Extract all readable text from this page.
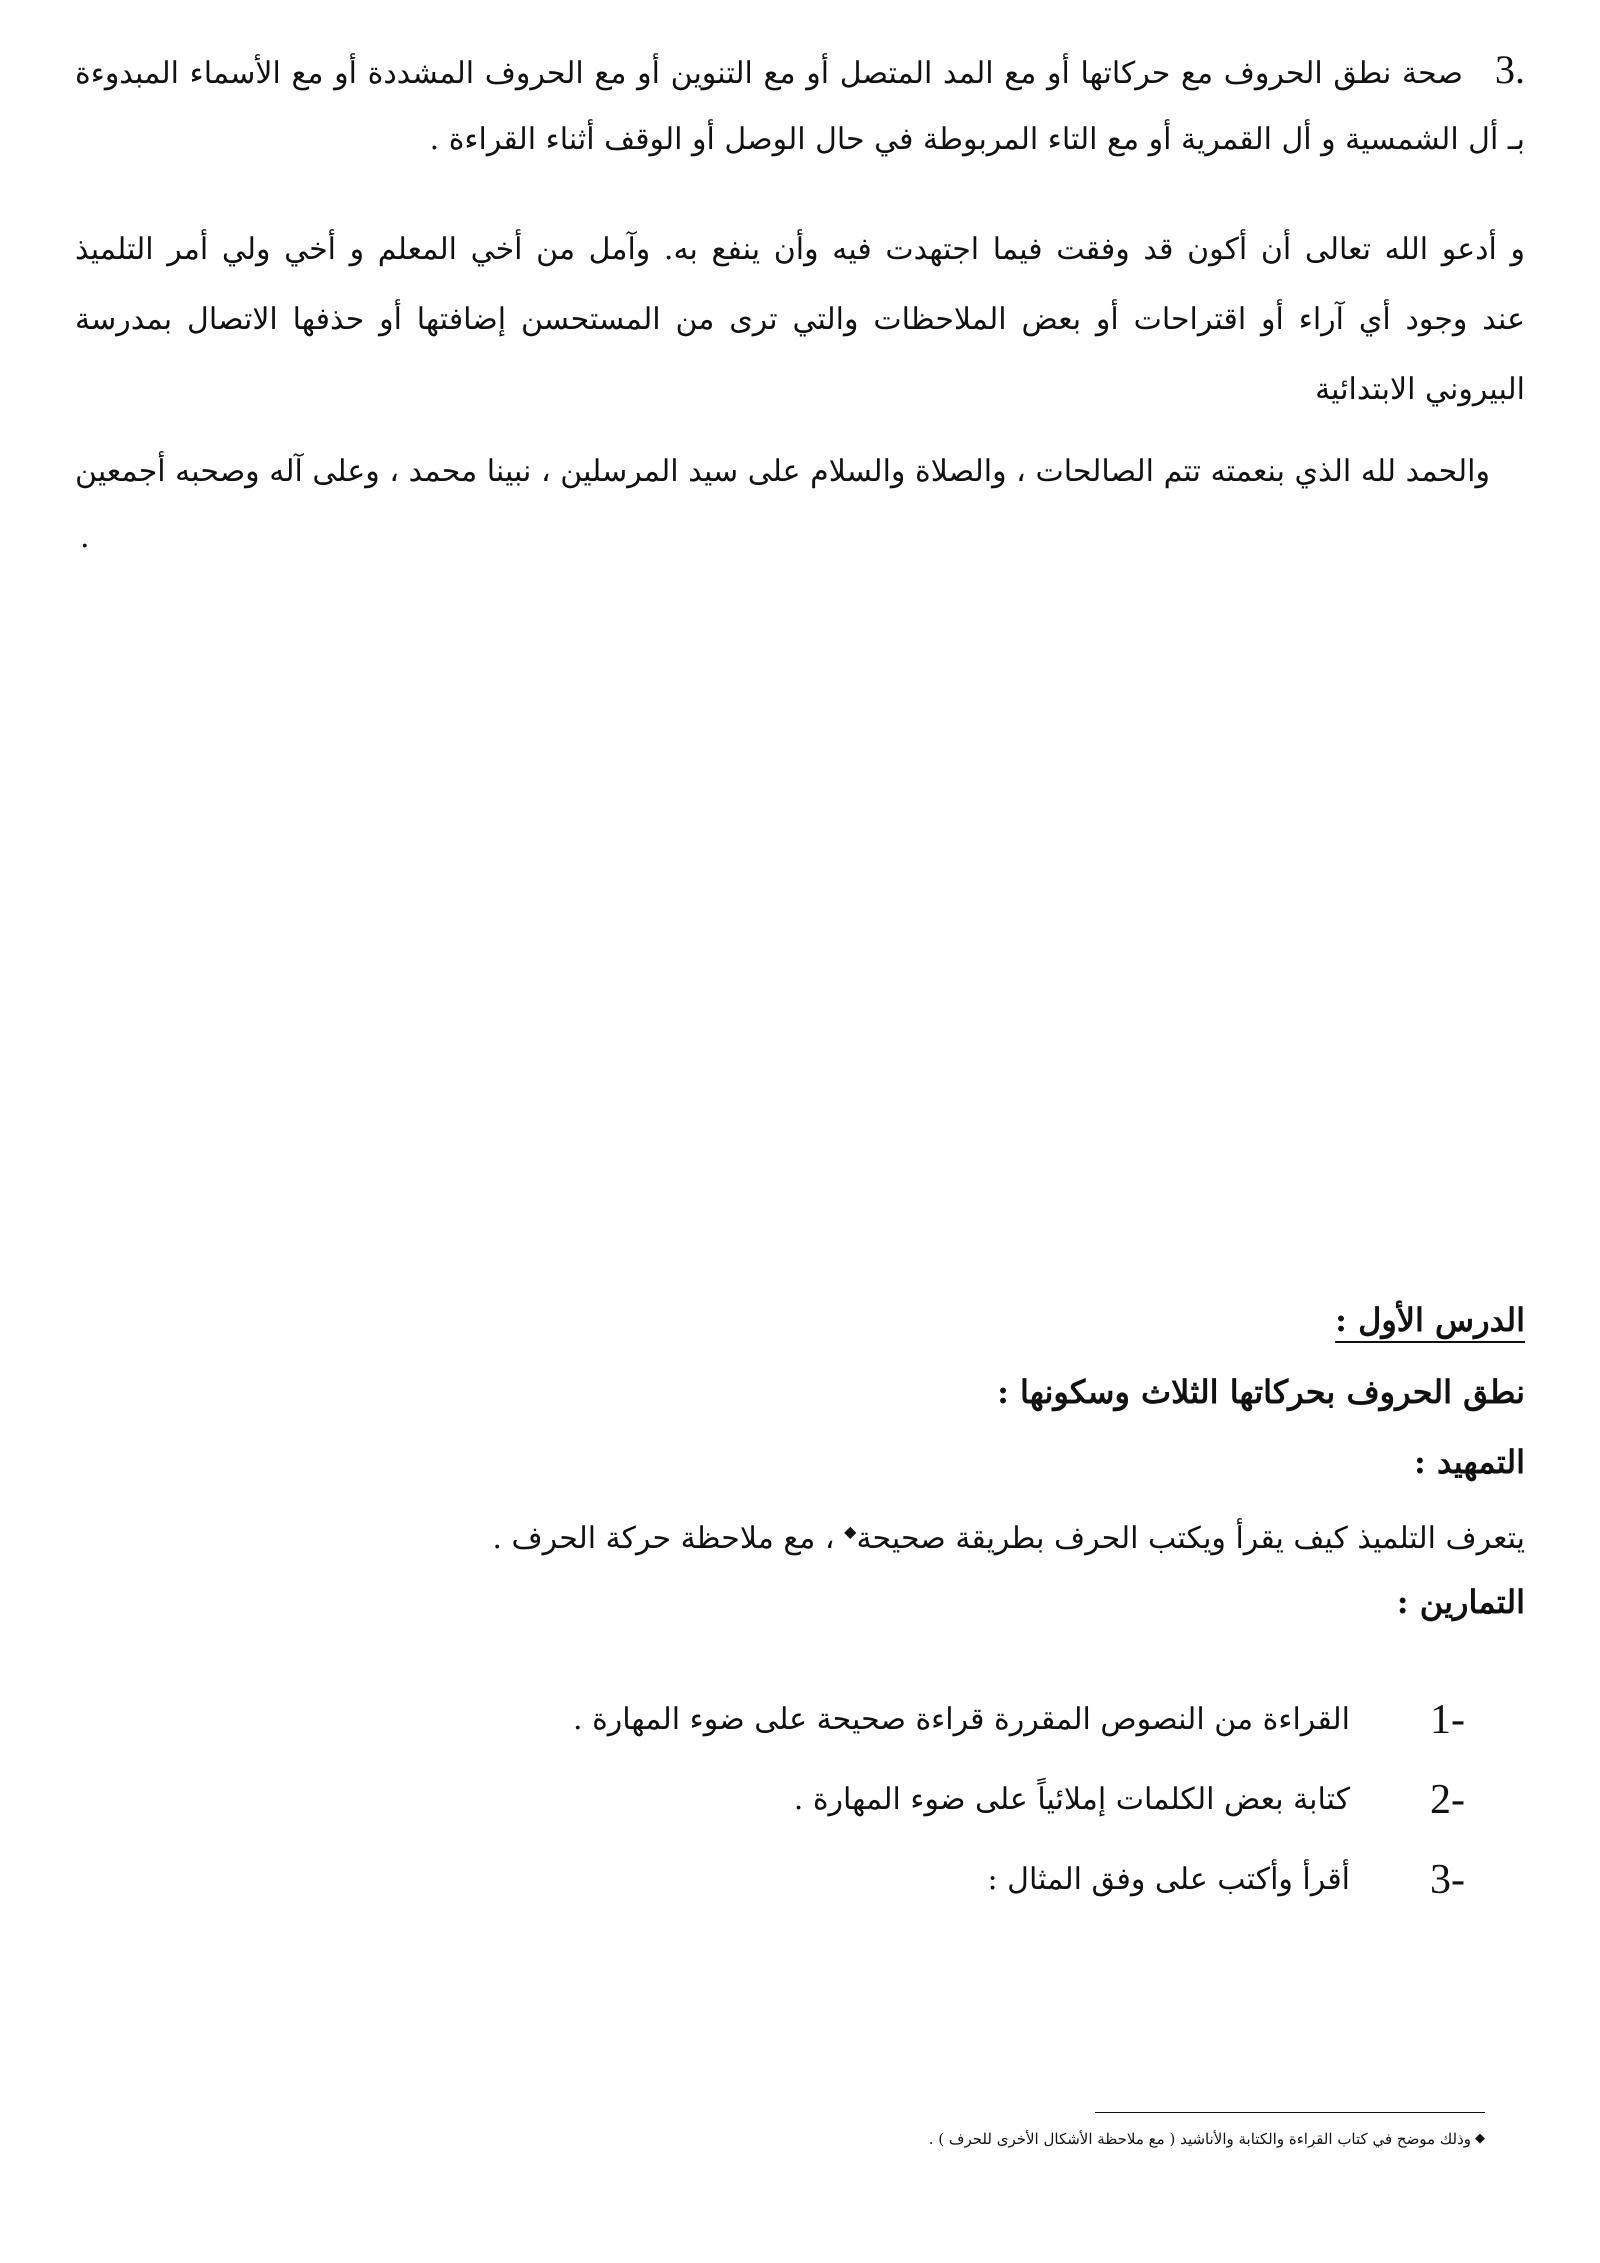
3.   صحة نطق الحروف مع حركاتها أو مع المد المتصل أو مع التنوين أو مع الحروف المشددة أو مع الأسماء المبدوءة
بـ أل الشمسية و أل القمرية أو مع التاء المربوطة في حال الوصل أو الوقف أثناء القراءة .
و أدعو الله تعالى أن أكون قد وفقت فيما اجتهدت فيه وأن ينفع به. وآمل من أخي المعلم و أخي ولي أمر التلميذ
عند وجود أي آراء أو اقتراحات أو بعض الملاحظات والتي ترى من المستحسن إضافتها أو حذفها الاتصال بمدرسة
البيروني الابتدائية
والحمد لله الذي بنعمته تتم الصالحات ، والصلاة والسلام على سيد المرسلين ، نبينا محمد ، وعلى آله وصحبه أجمعين
.
الدرس الأول :
نطق الحروف بحركاتها الثلاث وسكونها :
التمهيد :
يتعرف التلميذ كيف يقرأ ويكتب الحرف بطريقة صحيحة◆ ، مع ملاحظة حركة الحرف .
التمارين :
1-
القراءة من النصوص المقررة قراءة صحيحة على ضوء المهارة .
2-
كتابة بعض الكلمات إملائياً على ضوء المهارة .
3-
أقرأ وأكتب على وفق المثال :
◆وذلك موضح في كتاب القراءة والكتابة والأناشيد ( مع ملاحظة الأشكال الأخرى للحرف ) .
